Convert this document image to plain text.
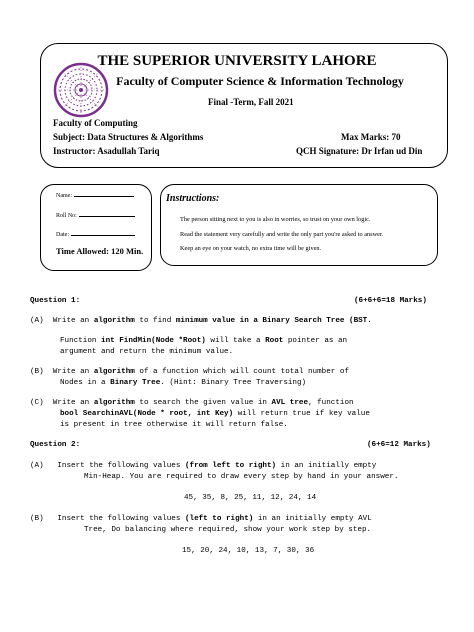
THE SUPERIOR UNIVERSITY LAHORE
Faculty of Computer Science & Information Technology
Final -Term, Fall 2021
Faculty of Computing
Subject: Data Structures & Algorithms	Max Marks: 70
Instructor: Asadullah Tariq	QCH Signature: Dr Irfan ud Din
Name:
Roll No:
Date:
Time Allowed: 120 Min.
Instructions:
The person sitting next to you is also in worries, so trust on your own logic.
Read the statement very carefully and write the only part you're asked to answer.
Keep an eye on your watch, no extra time will be given.
Question 1:	(6+6+6=18 Marks)
(A)  Write an algorithm to find minimum value in a Binary Search Tree (BST.
Function int FindMin(Node *Root) will take a Root pointer as an
argument and return the minimum value.
(B)  Write an algorithm of a function which will count total number of
Nodes in a Binary Tree. (Hint: Binary Tree Traversing)
(C)  Write an algorithm to search the given value in AVL tree, function
bool SearchinAVL(Node * root, int Key) will return true if key value
is present in tree otherwise it will return false.
Question 2:	(6+6=12 Marks)
(A)   Insert the following values (from left to right) in an initially empty
Min-Heap. You are required to draw every step by hand in your answer.
45, 35, 8, 25, 11, 12, 24, 14
(B)   Insert the following values (left to right) in an initially empty AVL
Tree, Do balancing where required, show your work step by step.
15, 20, 24, 10, 13, 7, 30, 36
